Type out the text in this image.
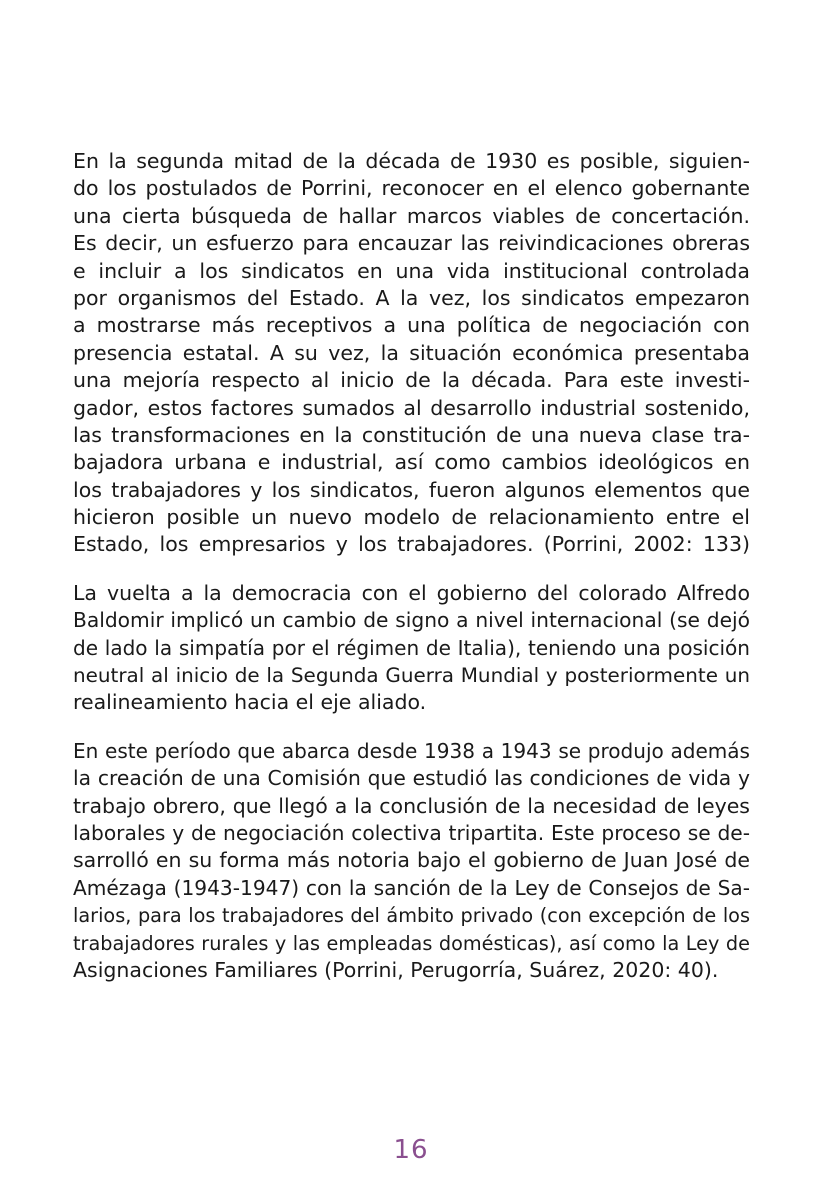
En la segunda mitad de la década de 1930 es posible, siguien-
do los postulados de Porrini, reconocer en el elenco gobernante
una cierta búsqueda de hallar marcos viables de concertación.
Es decir, un esfuerzo para encauzar las reivindicaciones obreras
e incluir a los sindicatos en una vida institucional controlada
por organismos del Estado. A la vez, los sindicatos empezaron
a mostrarse más receptivos a una política de negociación con
presencia estatal. A su vez, la situación económica presentaba
una mejoría respecto al inicio de la década. Para este investi-
gador, estos factores sumados al desarrollo industrial sostenido,
las transformaciones en la constitución de una nueva clase tra-
bajadora urbana e industrial, así como cambios ideológicos en
los trabajadores y los sindicatos, fueron algunos elementos que
hicieron posible un nuevo modelo de relacionamiento entre el
Estado, los empresarios y los trabajadores. (Porrini, 2002: 133)
La vuelta a la democracia con el gobierno del colorado Alfredo
Baldomir implicó un cambio de signo a nivel internacional (se dejó
de lado la simpatía por el régimen de Italia), teniendo una posición
neutral al inicio de la Segunda Guerra Mundial y posteriormente un
realineamiento hacia el eje aliado.
En este período que abarca desde 1938 a 1943 se produjo además
la creación de una Comisión que estudió las condiciones de vida y
trabajo obrero, que llegó a la conclusión de la necesidad de leyes
laborales y de negociación colectiva tripartita. Este proceso se de-
sarrolló en su forma más notoria bajo el gobierno de Juan José de
Amézaga (1943-1947) con la sanción de la Ley de Consejos de Sa-
larios, para los trabajadores del ámbito privado (con excepción de los
trabajadores rurales y las empleadas domésticas), así como la Ley de
Asignaciones Familiares (Porrini, Perugorría, Suárez, 2020: 40).
16
